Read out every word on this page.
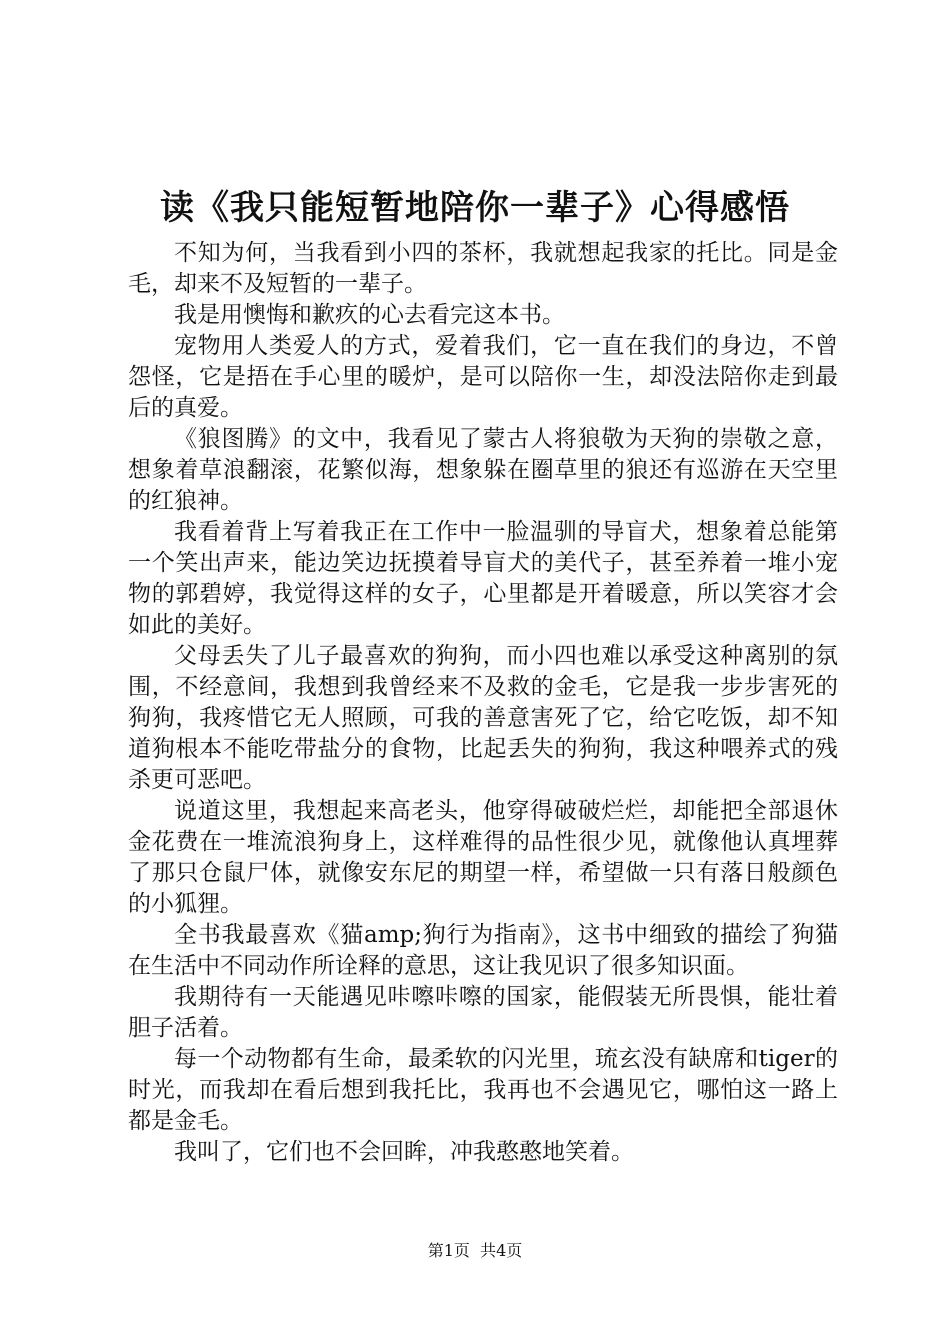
读《我只能短暂地陪你一辈子》心得感悟

不知为何，当我看到小四的茶杯，我就想起我家的托比。同是金毛，却来不及短暂的一辈子。

我是用懊悔和歉疚的心去看完这本书。

宠物用人类爱人的方式，爱着我们，它一直在我们的身边，不曾怨怪，它是捂在手心里的暖炉，是可以陪你一生，却没法陪你走到最后的真爱。

《狼图腾》的文中，我看见了蒙古人将狼敬为天狗的崇敬之意，想象着草浪翻滚，花繁似海，想象躲在圈草里的狼还有巡游在天空里的红狼神。

我看着背上写着我正在工作中一脸温驯的导盲犬，想象着总能第一个笑出声来，能边笑边抚摸着导盲犬的美代子，甚至养着一堆小宠物的郭碧婷，我觉得这样的女子，心里都是开着暖意，所以笑容才会如此的美好。

父母丢失了儿子最喜欢的狗狗，而小四也难以承受这种离别的氛围，不经意间，我想到我曾经来不及救的金毛，它是我一步步害死的狗狗，我疼惜它无人照顾，可我的善意害死了它，给它吃饭，却不知道狗根本不能吃带盐分的食物，比起丢失的狗狗，我这种喂养式的残杀更可恶吧。

说道这里，我想起来高老头，他穿得破破烂烂，却能把全部退休金花费在一堆流浪狗身上，这样难得的品性很少见，就像他认真埋葬了那只仓鼠尸体，就像安东尼的期望一样，希望做一只有落日般颜色的小狐狸。

全书我最喜欢《猫amp;狗行为指南》，这书中细致的描绘了狗猫在生活中不同动作所诠释的意思，这让我见识了很多知识面。

我期待有一天能遇见咔嚓咔嚓的国家，能假装无所畏惧，能壮着胆子活着。

每一个动物都有生命，最柔软的闪光里，琉玄没有缺席和tiger的时光，而我却在看后想到我托比，我再也不会遇见它，哪怕这一路上都是金毛。

我叫了，它们也不会回眸，冲我憨憨地笑着。

第1页 共4页
